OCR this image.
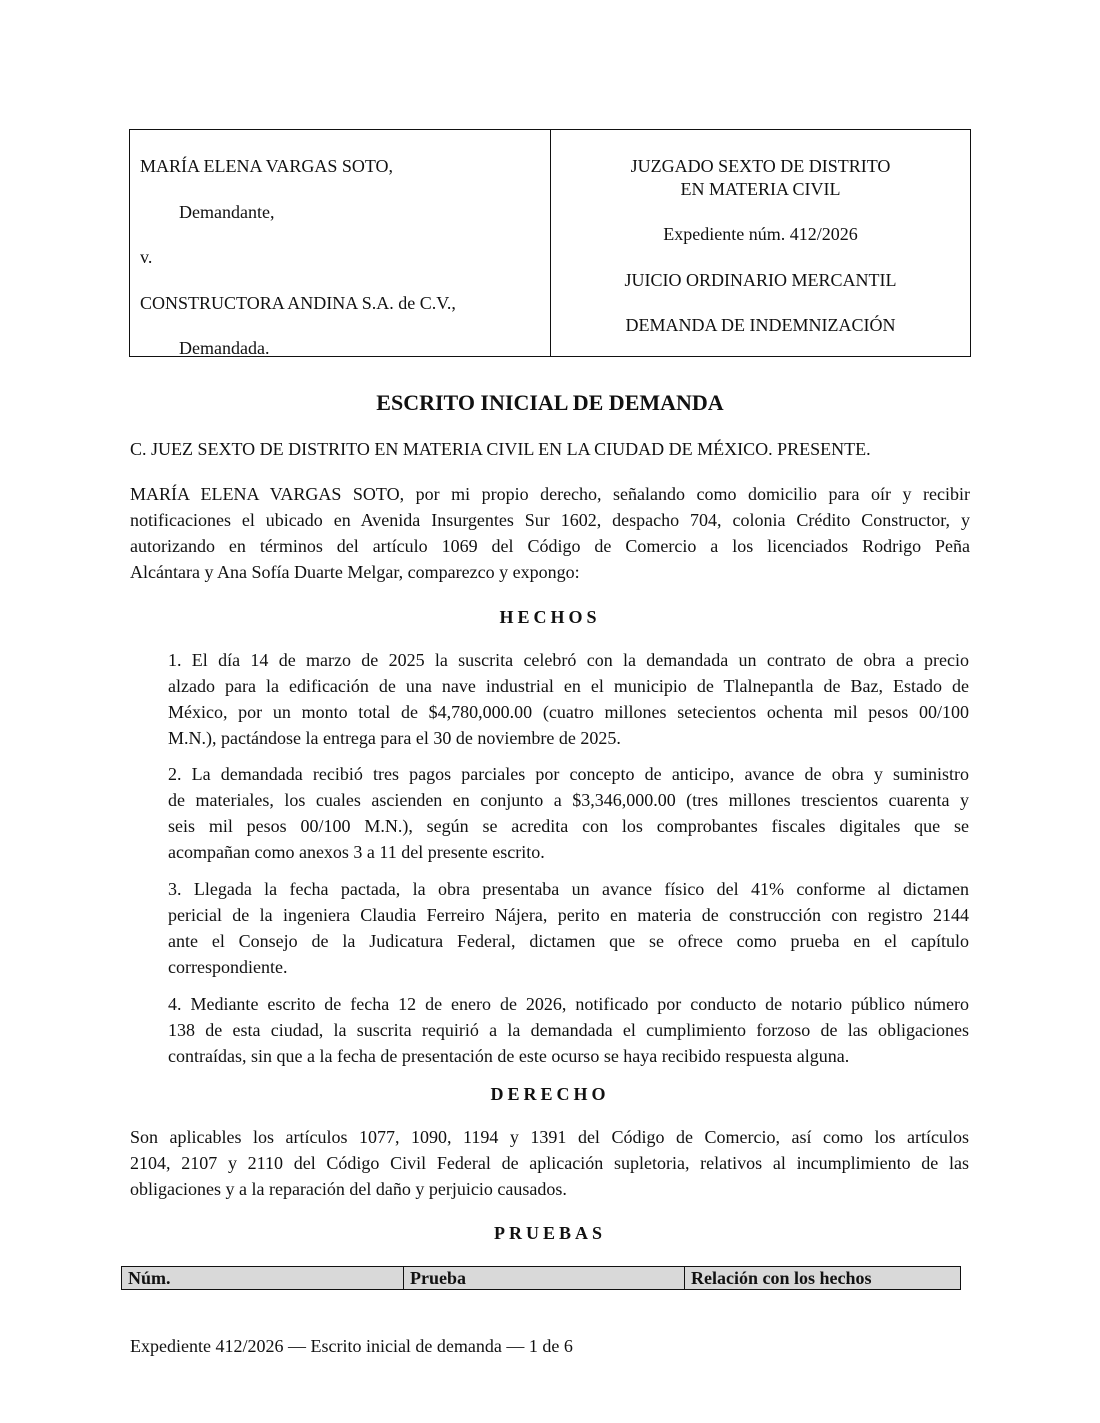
MARÍA ELENA VARGAS SOTO,
Demandante,
v.
CONSTRUCTORA ANDINA S.A. de C.V.,
Demandada.
JUZGADO SEXTO DE DISTRITO
EN MATERIA CIVIL
Expediente núm. 412/2026
JUICIO ORDINARIO MERCANTIL
DEMANDA DE INDEMNIZACIÓN
ESCRITO INICIAL DE DEMANDA
C. JUEZ SEXTO DE DISTRITO EN MATERIA CIVIL EN LA CIUDAD DE MÉXICO. PRESENTE.
MARÍA ELENA VARGAS SOTO, por mi propio derecho, señalando como domicilio para oír y recibir
notificaciones el ubicado en Avenida Insurgentes Sur 1602, despacho 704, colonia Crédito Constructor, y
autorizando en términos del artículo 1069 del Código de Comercio a los licenciados Rodrigo Peña
Alcántara y Ana Sofía Duarte Melgar, comparezco y expongo:
HECHOS
1. El día 14 de marzo de 2025 la suscrita celebró con la demandada un contrato de obra a precio
alzado para la edificación de una nave industrial en el municipio de Tlalnepantla de Baz, Estado de
México, por un monto total de $4,780,000.00 (cuatro millones setecientos ochenta mil pesos 00/100
M.N.), pactándose la entrega para el 30 de noviembre de 2025.
2. La demandada recibió tres pagos parciales por concepto de anticipo, avance de obra y suministro
de materiales, los cuales ascienden en conjunto a $3,346,000.00 (tres millones trescientos cuarenta y
seis mil pesos 00/100 M.N.), según se acredita con los comprobantes fiscales digitales que se
acompañan como anexos 3 a 11 del presente escrito.
3. Llegada la fecha pactada, la obra presentaba un avance físico del 41% conforme al dictamen
pericial de la ingeniera Claudia Ferreiro Nájera, perito en materia de construcción con registro 2144
ante el Consejo de la Judicatura Federal, dictamen que se ofrece como prueba en el capítulo
correspondiente.
4. Mediante escrito de fecha 12 de enero de 2026, notificado por conducto de notario público número
138 de esta ciudad, la suscrita requirió a la demandada el cumplimiento forzoso de las obligaciones
contraídas, sin que a la fecha de presentación de este ocurso se haya recibido respuesta alguna.
DERECHO
Son aplicables los artículos 1077, 1090, 1194 y 1391 del Código de Comercio, así como los artículos
2104, 2107 y 2110 del Código Civil Federal de aplicación supletoria, relativos al incumplimiento de las
obligaciones y a la reparación del daño y perjuicio causados.
PRUEBAS
Núm.	Prueba	Relación con los hechos
Expediente 412/2026 — Escrito inicial de demanda — 1 de 6
